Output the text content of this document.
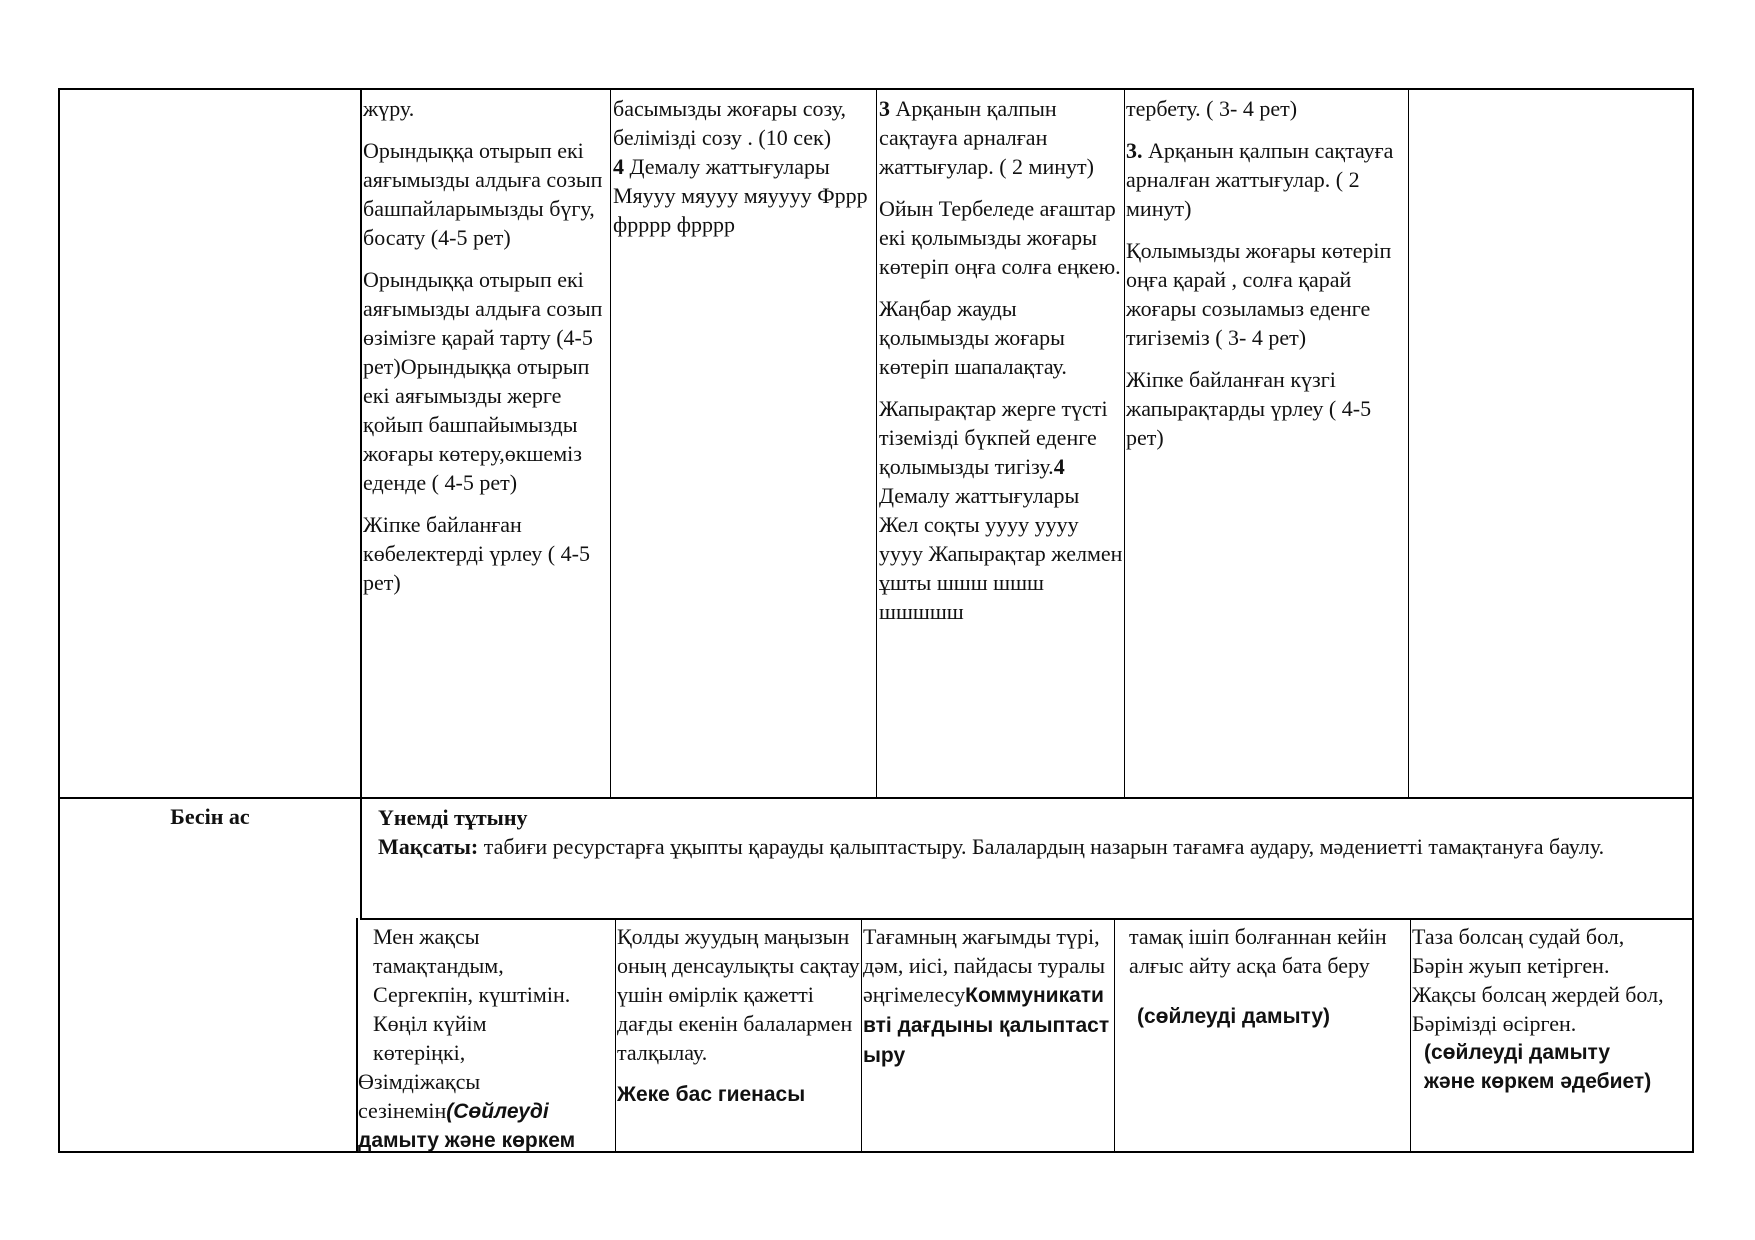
жүру.

Орындыққа отырып екі аяғымызды алдыға созып башпайларымызды бүгу, босату (4-5 рет)

Орындыққа отырып екі аяғымызды алдыға созып өзімізге қарай тарту (4-5 рет)Орындыққа отырып екі аяғымызды жерге қойып башпайымызды жоғары көтеру,өкшеміз еденде ( 4-5 рет)

Жіпке байланған көбелектерді үрлеу ( 4-5 рет)

басымызды жоғары созу, белімізді созу . (10 сек)
4 Демалу жаттығулары Мяууу мяууу мяуууу Фррр фрррр фрррр

3 Арқанын қалпын сақтауға арналған жаттығулар. ( 2 минут)

Ойын Тербеледе ағаштар екі қолымызды жоғары көтеріп оңға солға еңкею.

Жаңбар жауды қолымызды жоғары көтеріп шапалақтау.

Жапырақтар жерге түсті тіземізді бүкпей еденге қолымызды тигізу.4 Демалу жаттығулары Жел соқты уууу уууу уууу Жапырақтар желмен ұшты шшш шшш шшшшш

тербету. ( 3- 4 рет)

3. Арқанын қалпын сақтауға арналған жаттығулар. ( 2 минут)

Қолымызды жоғары көтеріп оңға қарай , солға қарай жоғары созыламыз еденге тигіземіз ( 3- 4 рет)

Жіпке байланған күзгі жапырақтарды үрлеу ( 4-5 рет)

Бесін ас	Үнемді тұтыну
Мақсаты: табиғи ресурстарға ұқыпты қарауды қалыптастыру. Балалардың назарын тағамға аудару, мәдениетті тамақтануға баулу.
Мен жақсы
тамақтандым,
Сергекпін, күштімін.
Көңіл күйім
көтеріңкі,
Өзімдіжақсы
сезінемін(Сөйлеуді
дамыту және көркем
Қолды жуудың маңызын оның денсаулықты сақтау үшін өмірлік қажетті дағды екенін балалармен талқылау.
Жеке бас гиенасы
Тағамның жағымды түрі, дәм, иісі, пайдасы туралы әңгімелесуКоммуникативті дағдыны қалыптастыру
тамақ ішіп болғаннан кейін алғыс айту асқа бата беру
(сөйлеуді дамыту)
Таза болсаң судай бол,
Бәрін жуып кетірген.
Жақсы болсаң жердей бол,
Бәрімізді өсірген.
(сөйлеуді дамыту
және көркем әдебиет)
